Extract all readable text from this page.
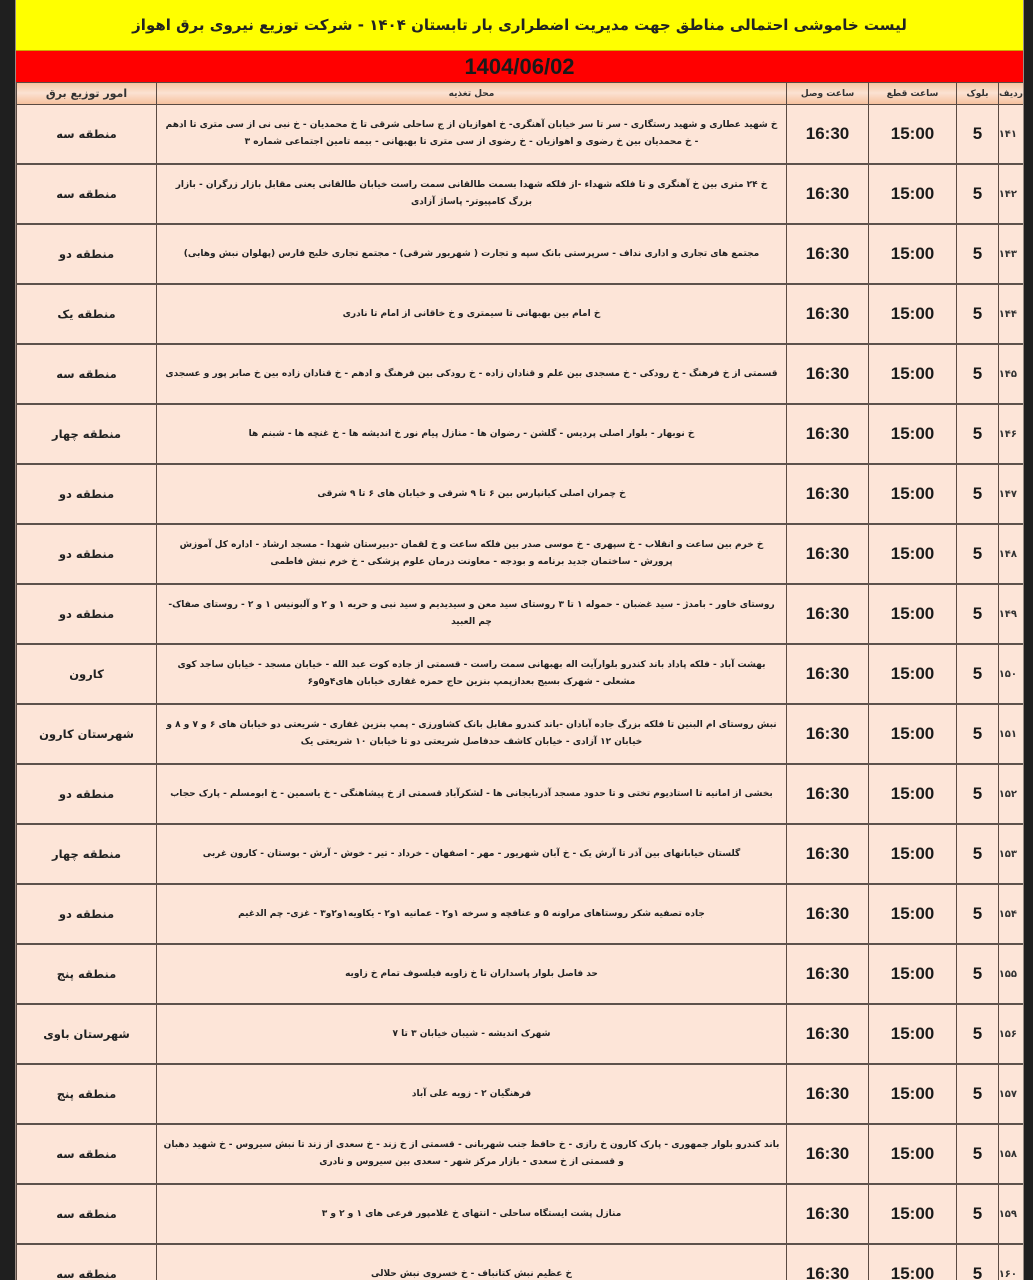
لیست خاموشی احتمالی مناطق جهت مدیریت اضطراری بار تابستان ۱۴۰۴ - شرکت توزیع نیروی برق اهواز
1404/06/02
ردیف	بلوک	ساعت قطع	ساعت وصل	محل تغذیه	امور توزیع برق
۱۴۱	5	15:00	16:30	خ شهید عطاری و شهید رستگاری - سر تا سر خیابان آهنگری- خ اهوازیان از ج ساحلی شرقی تا خ محمدیان - خ نبی نی از سی متری تا ادهم - خ محمدیان بین خ رضوی و اهوازیان - خ رضوی از سی متری تا بهبهانی - بیمه تامین اجتماعی شماره ۳	منطقه سه
۱۴۲	5	15:00	16:30	خ ۲۴ متری بین خ آهنگری و تا فلکه شهداء -از فلکه شهدا بسمت طالقانی سمت راست خیابان طالقانی یعنی مقابل بازار زرگران - بازار بزرگ کامپیوتر- پاساژ آزادی	منطقه سه
۱۴۳	5	15:00	16:30	مجتمع های تجاری و اداری نداف - سرپرستی بانک سپه و تجارت ( شهریور شرقی) - مجتمع تجاری خلیج فارس (پهلوان نبش وهابی)	منطقه دو
۱۴۴	5	15:00	16:30	خ امام بین بهبهانی تا سیمتری و خ خاقانی از امام تا نادری	منطقه یک
۱۴۵	5	15:00	16:30	قسمتی از خ فرهنگ - خ رودکی - خ مسجدی بین علم و قنادان زاده - خ رودکی بین فرهنگ و ادهم - خ قنادان زاده بین خ صابر پور و عسجدی	منطقه سه
۱۴۶	5	15:00	16:30	خ نوبهار - بلوار اصلی پردیس - گلشن - رضوان ها - منازل پیام نور خ اندیشه ها - خ غنچه ها - شبنم ها	منطقه چهار
۱۴۷	5	15:00	16:30	خ چمران اصلی کیانپارس بین ۶ تا ۹ شرقی و خیابان های ۶ تا ۹ شرقی	منطقه دو
۱۴۸	5	15:00	16:30	خ خرم بین ساعت و انقلاب - خ سپهری - خ موسی صدر بین فلکه ساعت و خ لقمان -دبیرستان شهدا - مسجد ارشاد - اداره کل آموزش پرورش - ساختمان جدید برنامه و بودجه - معاونت درمان علوم پزشکی - خ خرم نبش فاطمی	منطقه دو
۱۴۹	5	15:00	16:30	روستای خاور - بامدژ - سید غضبان - حموله ۱ تا ۳ روستای سید معن و سیدیدیم و سید نبی و حریه ۱ و ۲ و آلبونیس ۱ و ۲ - روستای صفاک-چم العبید	منطقه دو
۱۵۰	5	15:00	16:30	بهشت آباد - فلکه پاداد باند کندرو بلوارآیت اله بهبهانی سمت راست - قسمتی از جاده کوت عبد الله - خیابان مسجد - خیابان ساجد کوی مشعلی - شهرک بسیج بعدازپمپ بنزین حاج حمزه غفاری خیابان های۴و۵و۶	کارون
۱۵۱	5	15:00	16:30	نبش روستای ام البنین تا فلکه بزرگ جاده آبادان -باند کندرو مقابل بانک کشاورزی - پمپ بنزین غفاری - شریعتی دو خیابان های ۶ و ۷ و ۸ و خیابان ۱۲ آزادی - خیابان کاشف حدفاصل شریعتی دو تا خیابان ۱۰ شریعتی یک	شهرستان کارون
۱۵۲	5	15:00	16:30	بخشی از امانیه تا استادیوم تختی و تا حدود مسجد آذربایجانی ها - لشکرآباد قسمتی از خ پیشاهنگی - خ یاسمین - خ ابومسلم - پارک حجاب	منطقه دو
۱۵۳	5	15:00	16:30	گلستان خیابانهای بین آذر تا آرش یک - خ آبان شهریور - مهر - اصفهان - خرداد - تیر - خوش - آرش - بوستان - کارون غربی	منطقه چهار
۱۵۴	5	15:00	16:30	جاده تصفیه شکر روستاهای مراونه ۵ و عنافچه و سرخه ۱و۲ - عمانیه ۱و۲ - یکاویه۱و۲و۳ - غزی- چم الدغیم	منطقه دو
۱۵۵	5	15:00	16:30	حد فاصل بلوار پاسداران تا خ زاویه فیلسوف تمام خ زاویه	منطقه پنج
۱۵۶	5	15:00	16:30	شهرک اندیشه - شیبان خیابان ۳ تا ۷	شهرستان باوی
۱۵۷	5	15:00	16:30	فرهنگیان ۲ - زویه علی آباد	منطقه پنج
۱۵۸	5	15:00	16:30	باند کندرو بلوار جمهوری - پارک کارون خ رازی - خ حافظ جنب شهربانی - قسمتی از خ زند - خ سعدی از زند تا نبش سیروس - خ شهید دهبان و قسمتی از خ سعدی - بازار مرکز شهر - سعدی بین سیروس و نادری	منطقه سه
۱۵۹	5	15:00	16:30	منازل پشت ایستگاه ساحلی - انتهای خ غلامپور فرعی های ۱ و ۲ و ۳	منطقه سه
۱۶۰	5	15:00	16:30	خ عظیم نبش کتانباف - خ خسروی نبش حلالی	منطقه سه
